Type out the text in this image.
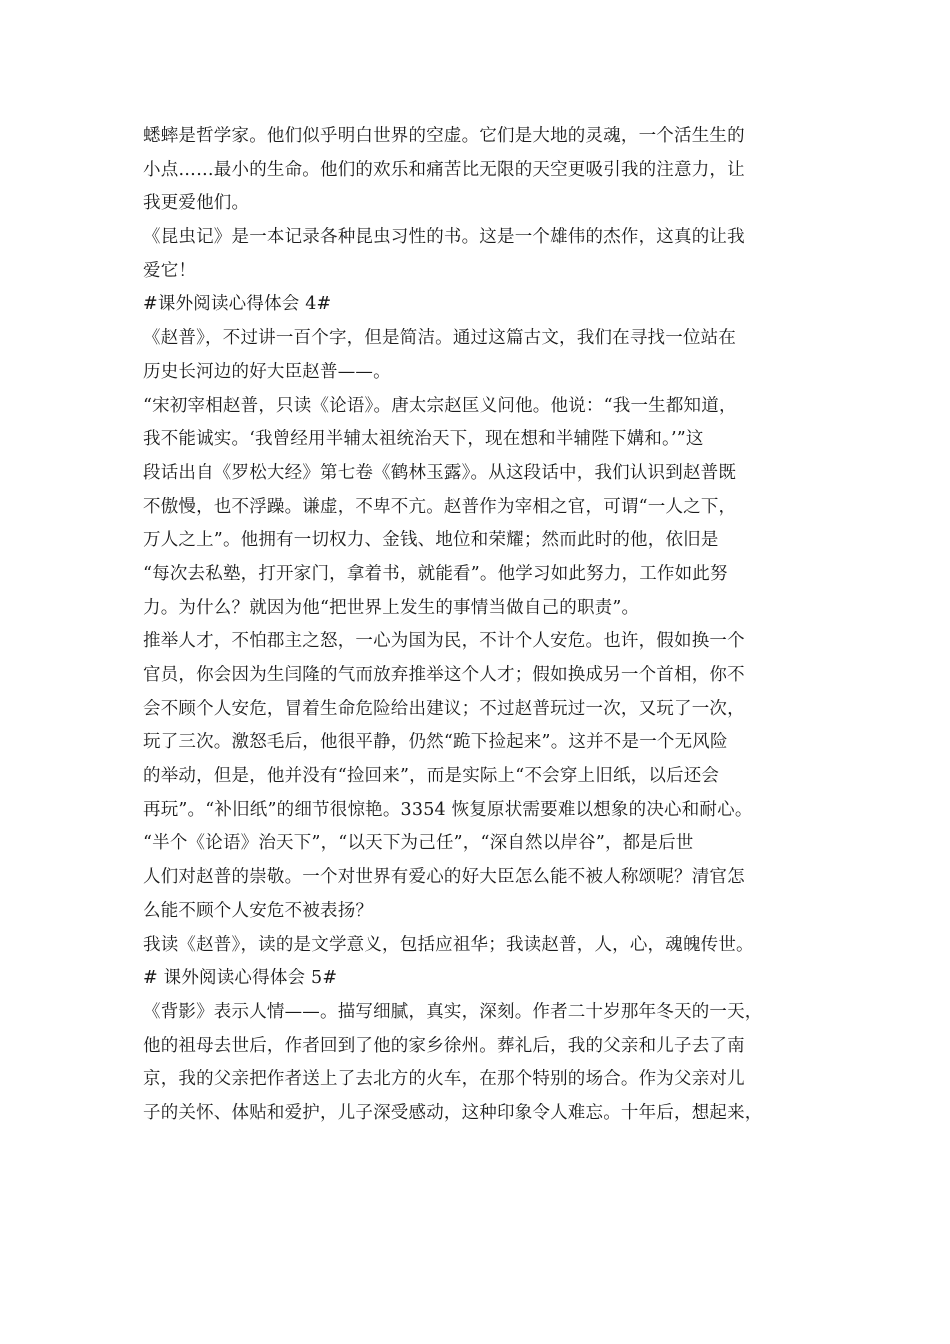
蟋蟀是哲学家。他们似乎明白世界的空虚。它们是大地的灵魂，一个活生生的
小点……最小的生命。他们的欢乐和痛苦比无限的天空更吸引我的注意力，让
我更爱他们。
《昆虫记》是一本记录各种昆虫习性的书。这是一个雄伟的杰作，这真的让我
爱它！
#课外阅读心得体会 4#
《赵普》，不过讲一百个字，但是简洁。通过这篇古文，我们在寻找一位站在
历史长河边的好大臣赵普——。
“宋初宰相赵普，只读《论语》。唐太宗赵匡义问他。他说：“我一生都知道，
我不能诚实。‘我曾经用半辅太祖统治天下，现在想和半辅陛下媾和。’”这
段话出自《罗松大经》第七卷《鹤林玉露》。从这段话中，我们认识到赵普既
不傲慢，也不浮躁。谦虚，不卑不亢。赵普作为宰相之官，可谓“一人之下，
万人之上”。他拥有一切权力、金钱、地位和荣耀；然而此时的他，依旧是
“每次去私塾，打开家门，拿着书，就能看”。他学习如此努力，工作如此努
力。为什么？就因为他“把世界上发生的事情当做自己的职责”。
推举人才，不怕郡主之怒，一心为国为民，不计个人安危。也许，假如换一个
官员，你会因为生闫隆的气而放弃推举这个人才；假如换成另一个首相，你不
会不顾个人安危，冒着生命危险给出建议；不过赵普玩过一次，又玩了一次，
玩了三次。激怒毛后，他很平静，仍然“跪下捡起来”。这并不是一个无风险
的举动，但是，他并没有“捡回来”，而是实际上“不会穿上旧纸，以后还会
再玩”。“补旧纸”的细节很惊艳。3354 恢复原状需要难以想象的决心和耐心。
“半个《论语》治天下”，“以天下为己任”，“深自然以岸谷”，都是后世
人们对赵普的崇敬。一个对世界有爱心的好大臣怎么能不被人称颂呢？清官怎
么能不顾个人安危不被表扬？
我读《赵普》，读的是文学意义，包括应祖华；我读赵普，人，心，魂魄传世。
# 课外阅读心得体会 5#
《背影》表示人情——。描写细腻，真实，深刻。作者二十岁那年冬天的一天，
他的祖母去世后，作者回到了他的家乡徐州。葬礼后，我的父亲和儿子去了南
京，我的父亲把作者送上了去北方的火车，在那个特别的场合。作为父亲对儿
子的关怀、体贴和爱护，儿子深受感动，这种印象令人难忘。十年后，想起来，
